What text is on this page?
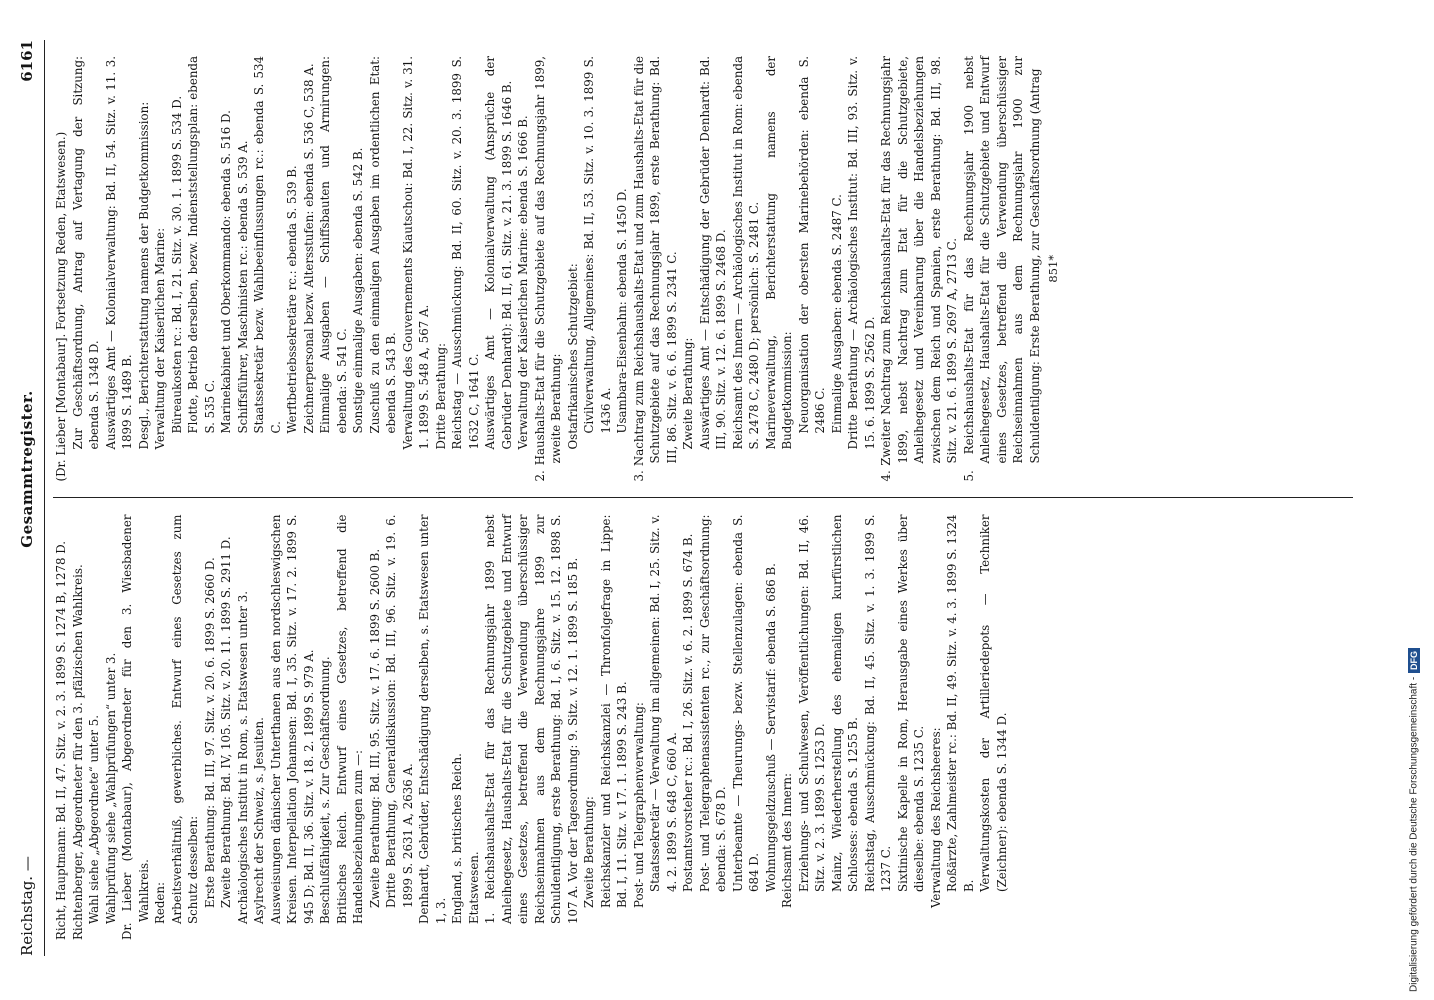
Reichstag. —
Gesammtregister.
6161

Richt, Hauptmann: Bd. II, 47. Sitz. v. 2. 3. 1899 S. 1274 B, 1278 D. Richtenberger, Abgeordneter für den 3. pfälzischen Wahlkreis. Wahl siehe „Abgeordnete“ unter 5. Wahlprüfung siehe „Wahlprüfungen“ unter 3. Dr. Lieber (Montabaur), Abgeordneter für den 3. Wiesbadener Wahlkreis. Reden: Arbeitsverhältniß, gewerbliches. Entwurf eines Gesetzes zum Schutz desselben: Erste Berathung: Bd. III, 97. Sitz. v. 20. 6. 1899 S. 2660 D. Zweite Berathung: Bd. IV, 105. Sitz. v. 20. 11. 1899 S. 2911 D. Archäologisches Institut in Rom, s. Etatswesen unter 3. Asylrecht der Schweiz, s. Jesuiten. Ausweisungen dänischer Unterthanen aus den nordschleswigschen Kreisen. Interpellation Johannsen: Bd. I, 35. Sitz. v. 17. 2. 1899 S. 945 D; Bd. II, 36. Sitz. v. 18. 2. 1899 S. 979 A. Beschlußfähigkeit, s. Zur Geschäftsordnung. Britisches Reich. Entwurf eines Gesetzes, betreffend die Handelsbeziehungen zum —: Zweite Berathung: Bd. III, 95. Sitz. v. 17. 6. 1899 S. 2600 B. Dritte Berathung, Generaldiskussion: Bd. III, 96. Sitz. v. 19. 6. 1899 S. 2631 A, 2636 A. Denhardt, Gebrüder, Entschädigung derselben, s. Etatswesen unter 1, 3. England, s. britisches Reich. Etatswesen. 1. Reichshaushalts-Etat für das Rechnungsjahr 1899 nebst Anleihegesetz, Haushalts-Etat für die Schutzgebiete und Entwurf eines Gesetzes, betreffend die Verwendung überschüssiger Reichseinnahmen aus dem Rechnungsjahre 1899 zur Schuldentilgung, erste Berathung: Bd. I, 6. Sitz. v. 15. 12. 1898 S. 107 A. Vor der Tagesordnung: 9. Sitz. v. 12. 1. 1899 S. 185 B. Zweite Berathung: Reichskanzler und Reichskanzlei — Thronfolgefrage in Lippe: Bd. I, 11. Sitz. v. 17. 1. 1899 S. 243 B. Post- und Telegraphenverwaltung: Staatssekretär — Verwaltung im allgemeinen: Bd. I, 25. Sitz. v. 4. 2. 1899 S. 648 C, 660 A. Postamtsvorsteher rc.: Bd. I, 26. Sitz. v. 6. 2. 1899 S. 674 B. Post- und Telegraphenassistenten rc., zur Geschäftsordnung: ebenda: S. 678 D. Unterbeamte — Theurungs- bezw. Stellenzulagen: ebenda S. 684 D. Wohnungsgeldzuschuß — Servistarif: ebenda S. 686 B. Reichsamt des Innern: Erziehungs- und Schulwesen, Veröffentlichungen: Bd. II, 46. Sitz. v. 2. 3. 1899 S. 1253 D. Mainz, Wiederherstellung des ehemaligen kurfürstlichen Schlosses: ebenda S. 1255 B. Reichstag, Ausschmückung: Bd. II, 45. Sitz. v. 1. 3. 1899 S. 1237 C. Sixtinische Kapelle in Rom, Herausgabe eines Werkes über dieselbe: ebenda S. 1235 C. Verwaltung des Reichsheeres: Roßärzte, Zahlmeister rc.: Bd. II, 49. Sitz. v. 4. 3. 1899 S. 1324 B. Verwaltungskosten der Artilleriedepots — Techniker (Zeichner): ebenda S. 1344 D.

(Dr. Lieber [Montabaur]. Fortsetzung Reden, Etatswesen.) Zur Geschäftsordnung, Antrag auf Vertagung der Sitzung: ebenda S. 1348 D. Auswärtiges Amt — Kolonialverwaltung: Bd. II, 54. Sitz. v. 11. 3. 1899 S. 1489 B. Desgl., Berichterstattung namens der Budgetkommission: Verwaltung der Kaiserlichen Marine: Büreaukosten rc.: Bd. I, 21. Sitz. v. 30. 1. 1899 S. 534 D. Flotte, Betrieb derselben, bezw. Indienststellungsplan: ebenda S. 535 C. Marinekabinet und Oberkommando: ebenda S. 516 D. Schiffsführer, Maschinisten rc.: ebenda S. 539 A. Staatssekretär bezw. Wahlbeeinflussungen rc.: ebenda S. 534 C. Werftbetriebssekretäre rc.: ebenda S. 539 B. Zeichnerpersonal bezw. Altersstufen: ebenda S. 536 C, 538 A. Einmalige Ausgaben — Schiffsbauten und Armirungen: ebenda: S. 541 C. Sonstige einmalige Ausgaben: ebenda S. 542 B. Zuschuß zu den einmaligen Ausgaben im ordentlichen Etat: ebenda S. 543 B. Verwaltung des Gouvernements Kiautschou: Bd. I, 22. Sitz. v. 31. 1. 1899 S. 548 A, 567 A. Dritte Berathung: Reichstag — Ausschmückung: Bd. II, 60. Sitz. v. 20. 3. 1899 S. 1632 C, 1641 C. Auswärtiges Amt — Kolonialverwaltung (Ansprüche der Gebrüder Denhardt): Bd. II, 61. Sitz. v. 21. 3. 1899 S. 1646 B. Verwaltung der Kaiserlichen Marine: ebenda S. 1666 B. 2. Haushalts-Etat für die Schutzgebiete auf das Rechnungsjahr 1899, zweite Berathung: Ostafrikanisches Schutzgebiet: Civilverwaltung, Allgemeines: Bd. II, 53. Sitz. v. 10. 3. 1899 S. 1436 A. Usambara-Eisenbahn: ebenda S. 1450 D. 3. Nachtrag zum Reichshaushalts-Etat und zum Haushalts-Etat für die Schutzgebiete auf das Rechnungsjahr 1899, erste Berathung: Bd. III, 86. Sitz. v. 6. 6. 1899 S. 2341 C. Zweite Berathung: Auswärtiges Amt — Entschädigung der Gebrüder Denhardt: Bd. III, 90. Sitz. v. 12. 6. 1899 S. 2468 D. Reichsamt des Innern — Archäologisches Institut in Rom: ebenda S. 2478 C, 2480 D; persönlich: S. 2481 C. Marineverwaltung, Berichterstattung namens der Budgetkommission: Neuorganisation der obersten Marinebehörden: ebenda S. 2486 C. Einmalige Ausgaben: ebenda S. 2487 C. Dritte Berathung — Archäologisches Institut: Bd. III, 93. Sitz. v. 15. 6. 1899 S. 2562 D. 4. Zweiter Nachtrag zum Reichshaushalts-Etat für das Rechnungsjahr 1899, nebst Nachtrag zum Etat für die Schutzgebiete, Anleihegesetz und Vereinbarung über die Handelsbeziehungen zwischen dem Reich und Spanien, erste Berathung: Bd. III, 98. Sitz. v. 21. 6. 1899 S. 2697 A, 2713 C. 5. Reichshaushalts-Etat für das Rechnungsjahr 1900 nebst Anleihegesetz, Haushalts-Etat für die Schutzgebiete und Entwurf eines Gesetzes, betreffend die Verwendung überschüssiger Reichseinnahmen aus dem Rechnungsjahr 1900 zur Schuldentilgung: Erste Berathung, zur Geschäftsordnung (Antrag 851*
Digitalisierung gefördert durch die Deutsche Forschungsgemeinschaft -
DFG
